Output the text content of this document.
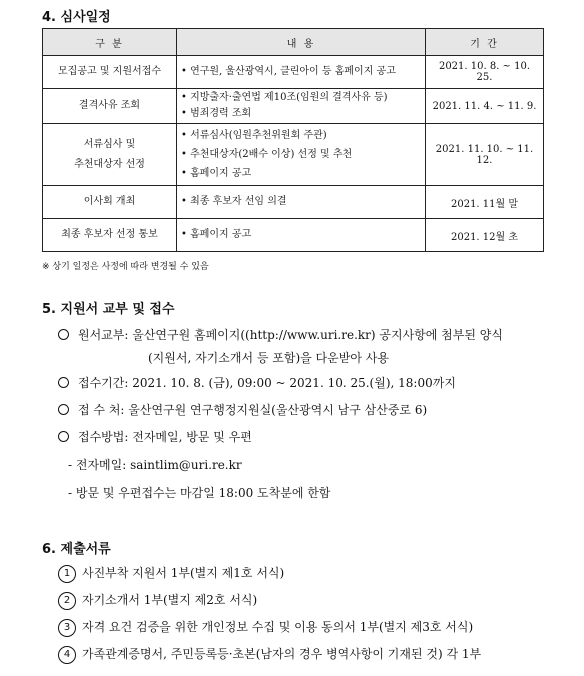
4. 심사일정
구 분	내 용	기 간

모집공고 및 지원서접수	• 연구원, 울산광역시, 클린아이 등 홈페이지 공고	2021. 10. 8. ~ 10. 25.

결격사유 조회	• 지방출자·출연법 제10조(임원의 결격사유 등)
• 범죄경력 조회	2021. 11. 4. ~ 11. 9.

서류심사 및
추천대상자 선정	• 서류심사(임원추천위원회 주관)
• 추천대상자(2배수 이상) 선정 및 추천
• 홈페이지 공고	2021. 11. 10. ~ 11. 12.

이사회 개최	• 최종 후보자 선임 의결	2021. 11월 말

최종 후보자 선정 통보	• 홈페이지 공고	2021. 12월 초
※ 상기 일정은 사정에 따라 변경될 수 있음
5. 지원서 교부 및 접수
원서교부: 울산연구원 홈페이지((http://www.uri.re.kr) 공지사항에 첨부된 양식
(지원서, 자기소개서 등 포함)을 다운받아 사용
접수기간: 2021. 10. 8. (금), 09:00 ~ 2021. 10. 25.(월), 18:00까지
접 수 처: 울산연구원 연구행정지원실(울산광역시 남구 삼산중로 6)
접수방법: 전자메일, 방문 및 우편
- 전자메일: saintlim@uri.re.kr
- 방문 및 우편접수는 마감일 18:00 도착분에 한함
6. 제출서류
1 사진부착 지원서 1부(별지 제1호 서식)
2 자기소개서 1부(별지 제2호 서식)
3 자격 요건 검증을 위한 개인정보 수집 및 이용 동의서 1부(별지 제3호 서식)
4 가족관계증명서, 주민등록등·초본(남자의 경우 병역사항이 기재된 것) 각 1부
